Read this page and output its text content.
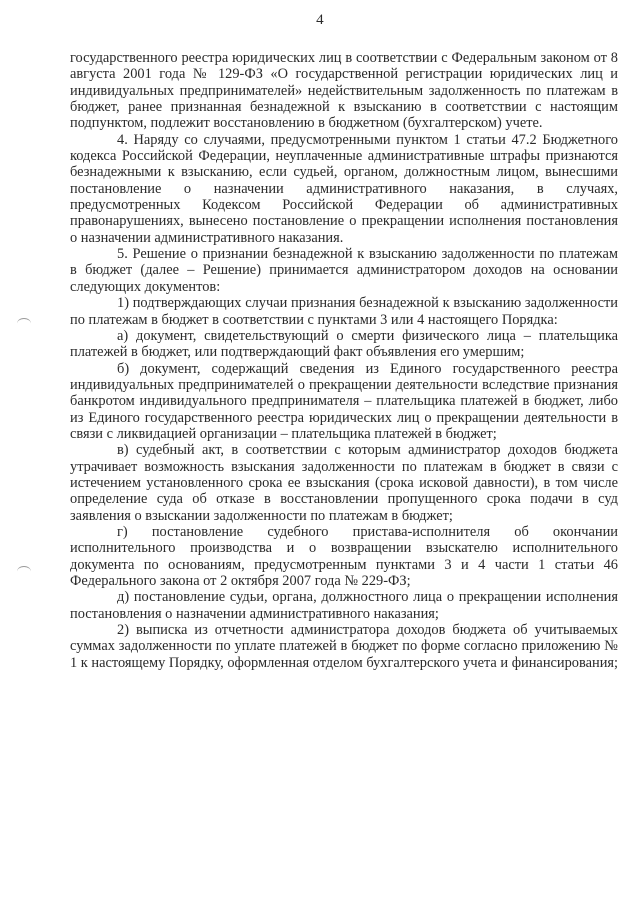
4

государственного реестра юридических лиц в соответствии с Федеральным законом от 8 августа 2001 года № 129-ФЗ «О государственной регистрации юридических лиц и индивидуальных предпринимателей» недействительным задолженность по платежам в бюджет, ранее признанная безнадежной к взысканию в соответствии с настоящим подпунктом, подлежит восстановлению в бюджетном (бухгалтерском) учете.

4. Наряду со случаями, предусмотренными пунктом 1 статьи 47.2 Бюджетного кодекса Российской Федерации, неуплаченные административные штрафы признаются безнадежными к взысканию, если судьей, органом, должностным лицом, вынесшими постановление о назначении административного наказания, в случаях, предусмотренных Кодексом Российской Федерации об административных правонарушениях, вынесено постановление о прекращении исполнения постановления о назначении административного наказания.

5. Решение о признании безнадежной к взысканию задолженности по платежам в бюджет (далее – Решение) принимается администратором доходов на основании следующих документов:

1) подтверждающих случаи признания безнадежной к взысканию задолженности по платежам в бюджет в соответствии с пунктами 3 или 4 настоящего Порядка:

а) документ, свидетельствующий о смерти физического лица – плательщика платежей в бюджет, или подтверждающий факт объявления его умершим;

б) документ, содержащий сведения из Единого государственного реестра индивидуальных предпринимателей о прекращении деятельности вследствие признания банкротом индивидуального предпринимателя – плательщика платежей в бюджет, либо из Единого государственного реестра юридических лиц о прекращении деятельности в связи с ликвидацией организации – плательщика платежей в бюджет;

в) судебный акт, в соответствии с которым администратор доходов бюджета утрачивает возможность взыскания задолженности по платежам в бюджет в связи с истечением установленного срока ее взыскания (срока исковой давности), в том числе определение суда об отказе в восстановлении пропущенного срока подачи в суд заявления о взыскании задолженности по платежам в бюджет;

г) постановление судебного пристава-исполнителя об окончании исполнительного производства и о возвращении взыскателю исполнительного документа по основаниям, предусмотренным пунктами 3 и 4 части 1 статьи 46 Федерального закона от 2 октября 2007 года № 229-ФЗ;

д) постановление судьи, органа, должностного лица о прекращении исполнения постановления о назначении административного наказания;

2) выписка из отчетности администратора доходов бюджета об учитываемых суммах задолженности по уплате платежей в бюджет по форме согласно приложению № 1 к настоящему Порядку, оформленная отделом бухгалтерского учета и финансирования;
